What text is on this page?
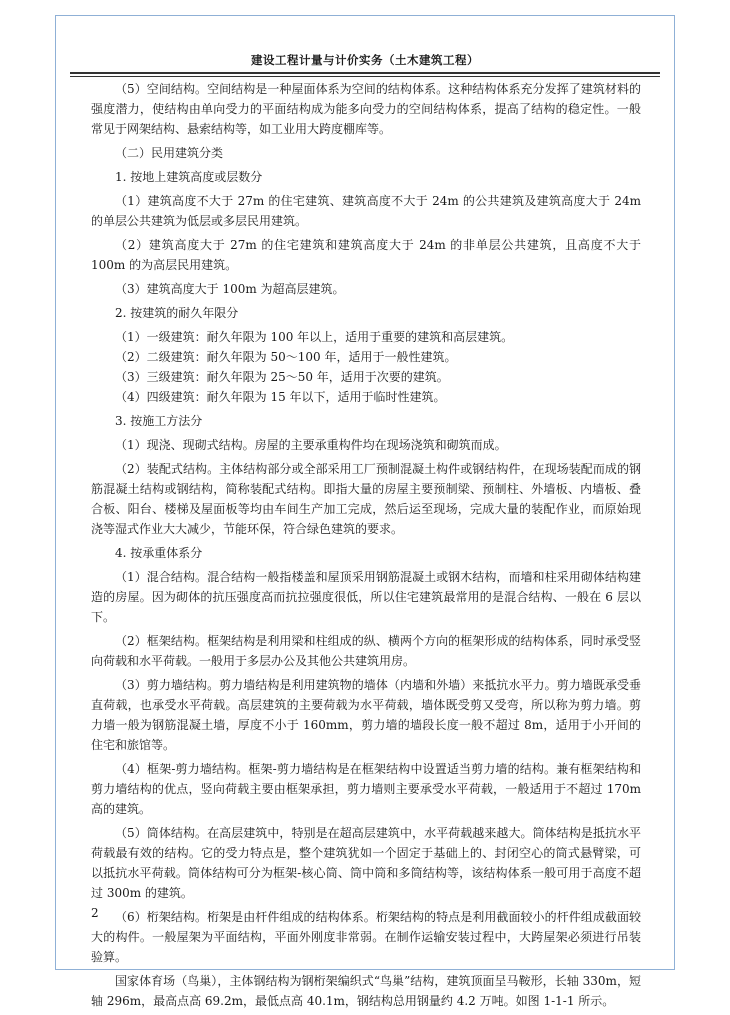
建设工程计量与计价实务（土木建筑工程）

（5）空间结构。空间结构是一种屋面体系为空间的结构体系。这种结构体系充分发挥了建筑材料的强度潜力，使结构由单向受力的平面结构成为能多向受力的空间结构体系，提高了结构的稳定性。一般常见于网架结构、悬索结构等，如工业用大跨度棚库等。

（二）民用建筑分类

1. 按地上建筑高度或层数分

（1）建筑高度不大于 27m 的住宅建筑、建筑高度不大于 24m 的公共建筑及建筑高度大于 24m 的单层公共建筑为低层或多层民用建筑。

（2）建筑高度大于 27m 的住宅建筑和建筑高度大于 24m 的非单层公共建筑，且高度不大于 100m 的为高层民用建筑。

（3）建筑高度大于 100m 为超高层建筑。

2. 按建筑的耐久年限分

（1）一级建筑：耐久年限为 100 年以上，适用于重要的建筑和高层建筑。

（2）二级建筑：耐久年限为 50～100 年，适用于一般性建筑。

（3）三级建筑：耐久年限为 25～50 年，适用于次要的建筑。

（4）四级建筑：耐久年限为 15 年以下，适用于临时性建筑。

3. 按施工方法分

（1）现浇、现砌式结构。房屋的主要承重构件均在现场浇筑和砌筑而成。

（2）装配式结构。主体结构部分或全部采用工厂预制混凝土构件或钢结构件，在现场装配而成的钢筋混凝土结构或钢结构，简称装配式结构。即指大量的房屋主要预制梁、预制柱、外墙板、内墙板、叠合板、阳台、楼梯及屋面板等均由车间生产加工完成，然后运至现场，完成大量的装配作业，而原始现浇等湿式作业大大减少，节能环保，符合绿色建筑的要求。

4. 按承重体系分

（1）混合结构。混合结构一般指楼盖和屋顶采用钢筋混凝土或钢木结构，而墙和柱采用砌体结构建造的房屋。因为砌体的抗压强度高而抗拉强度很低，所以住宅建筑最常用的是混合结构、一般在 6 层以下。

（2）框架结构。框架结构是利用梁和柱组成的纵、横两个方向的框架形成的结构体系，同时承受竖向荷载和水平荷载。一般用于多层办公及其他公共建筑用房。

（3）剪力墙结构。剪力墙结构是利用建筑物的墙体（内墙和外墙）来抵抗水平力。剪力墙既承受垂直荷载，也承受水平荷载。高层建筑的主要荷载为水平荷载，墙体既受剪又受弯，所以称为剪力墙。剪力墙一般为钢筋混凝土墙，厚度不小于 160mm，剪力墙的墙段长度一般不超过 8m，适用于小开间的住宅和旅馆等。

（4）框架-剪力墙结构。框架-剪力墙结构是在框架结构中设置适当剪力墙的结构。兼有框架结构和剪力墙结构的优点，竖向荷载主要由框架承担，剪力墙则主要承受水平荷载，一般适用于不超过 170m 高的建筑。

（5）筒体结构。在高层建筑中，特别是在超高层建筑中，水平荷载越来越大。筒体结构是抵抗水平荷载最有效的结构。它的受力特点是，整个建筑犹如一个固定于基础上的、封闭空心的筒式悬臂梁，可以抵抗水平荷载。筒体结构可分为框架-核心筒、筒中筒和多筒结构等，该结构体系一般可用于高度不超过 300m 的建筑。

（6）桁架结构。桁架是由杆件组成的结构体系。桁架结构的特点是利用截面较小的杆件组成截面较大的构件。一般屋架为平面结构，平面外刚度非常弱。在制作运输安装过程中，大跨屋架必须进行吊装验算。

国家体育场（鸟巢），主体钢结构为钢桁架编织式“鸟巢”结构，建筑顶面呈马鞍形，长轴 330m，短轴 296m，最高点高 69.2m，最低点高 40.1m，钢结构总用钢量约 4.2 万吨。如图 1-1-1 所示。

2
